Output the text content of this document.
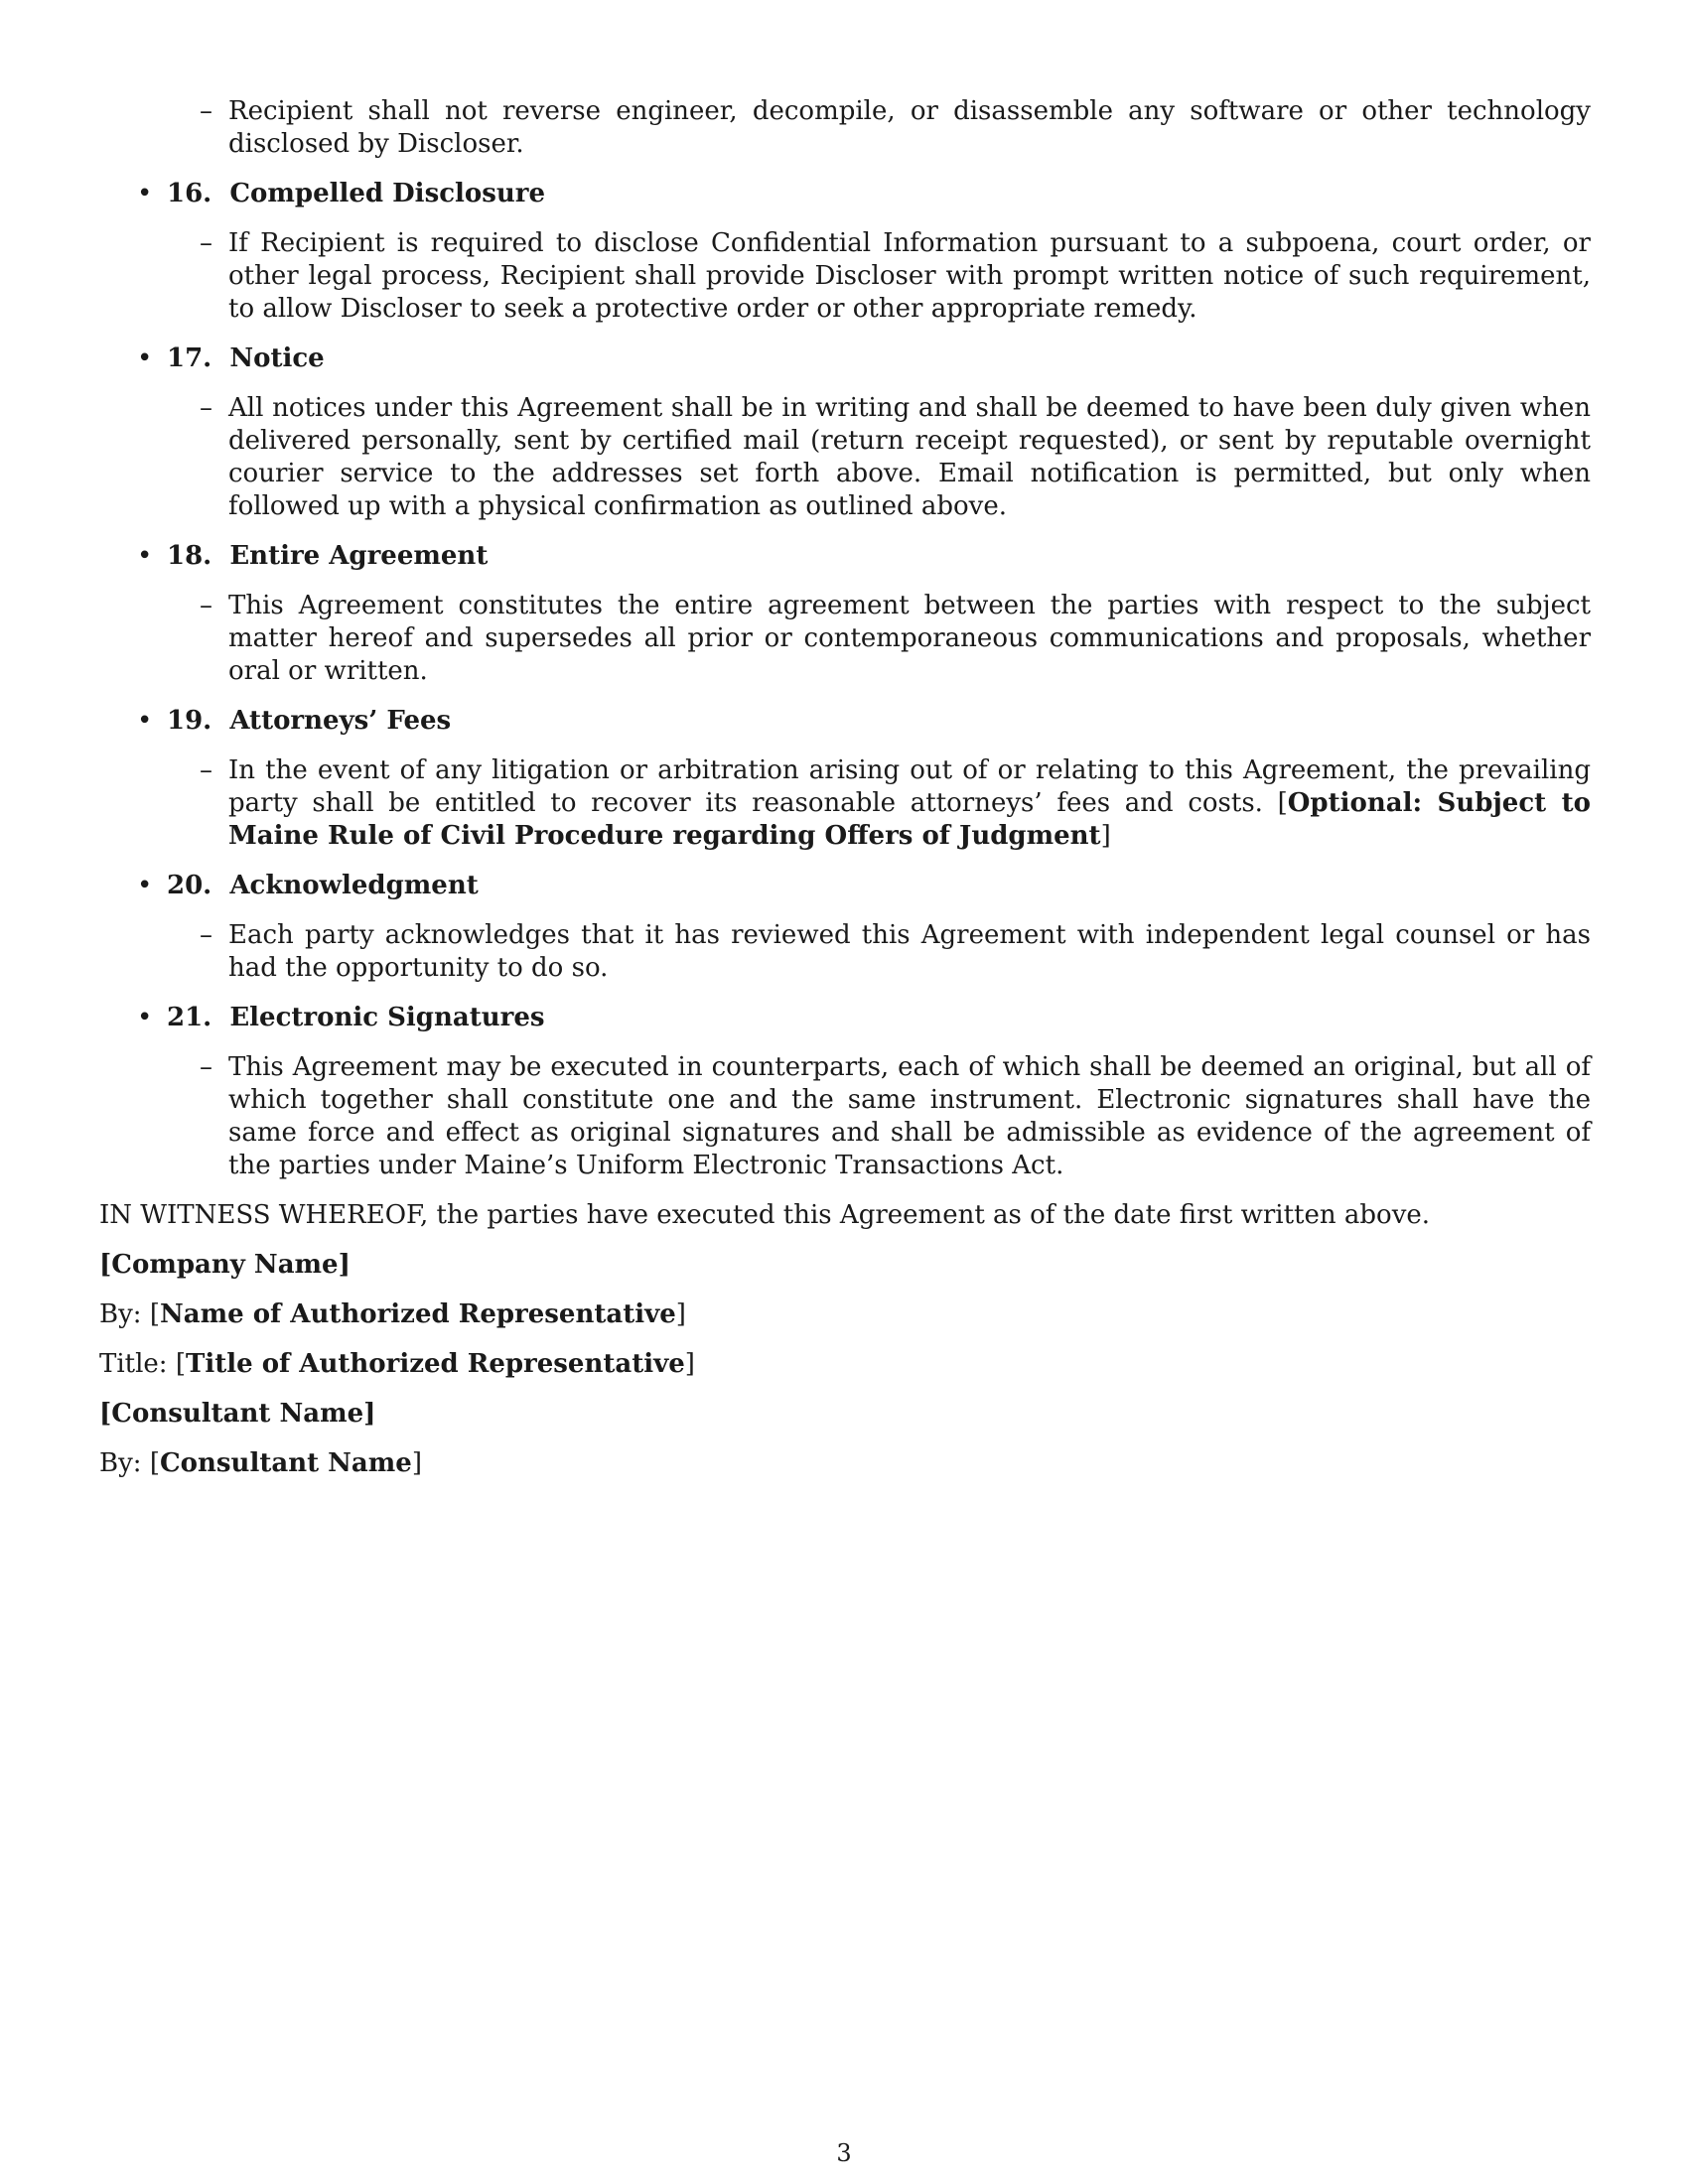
– Recipient shall not reverse engineer, decompile, or disassemble any software or other technology disclosed by Discloser.
• 16. Compelled Disclosure
– If Recipient is required to disclose Confidential Information pursuant to a subpoena, court order, or other legal process, Recipient shall provide Discloser with prompt written notice of such requirement, to allow Discloser to seek a protective order or other appropriate remedy.
• 17. Notice
– All notices under this Agreement shall be in writing and shall be deemed to have been duly given when delivered personally, sent by certified mail (return receipt requested), or sent by reputable overnight courier service to the addresses set forth above. Email notification is permitted, but only when followed up with a physical confirmation as outlined above.
• 18. Entire Agreement
– This Agreement constitutes the entire agreement between the parties with respect to the subject matter hereof and supersedes all prior or contemporaneous communications and proposals, whether oral or written.
• 19. Attorneys’ Fees
– In the event of any litigation or arbitration arising out of or relating to this Agreement, the prevailing party shall be entitled to recover its reasonable attorneys’ fees and costs. [Optional: Subject to Maine Rule of Civil Procedure regarding Offers of Judgment]
• 20. Acknowledgment
– Each party acknowledges that it has reviewed this Agreement with independent legal counsel or has had the opportunity to do so.
• 21. Electronic Signatures
– This Agreement may be executed in counterparts, each of which shall be deemed an original, but all of which together shall constitute one and the same instrument. Electronic signatures shall have the same force and effect as original signatures and shall be admissible as evidence of the agreement of the parties under Maine’s Uniform Electronic Transactions Act.
IN WITNESS WHEREOF, the parties have executed this Agreement as of the date first written above.
[Company Name]
By: [Name of Authorized Representative]
Title: [Title of Authorized Representative]
[Consultant Name]
By: [Consultant Name]
3
